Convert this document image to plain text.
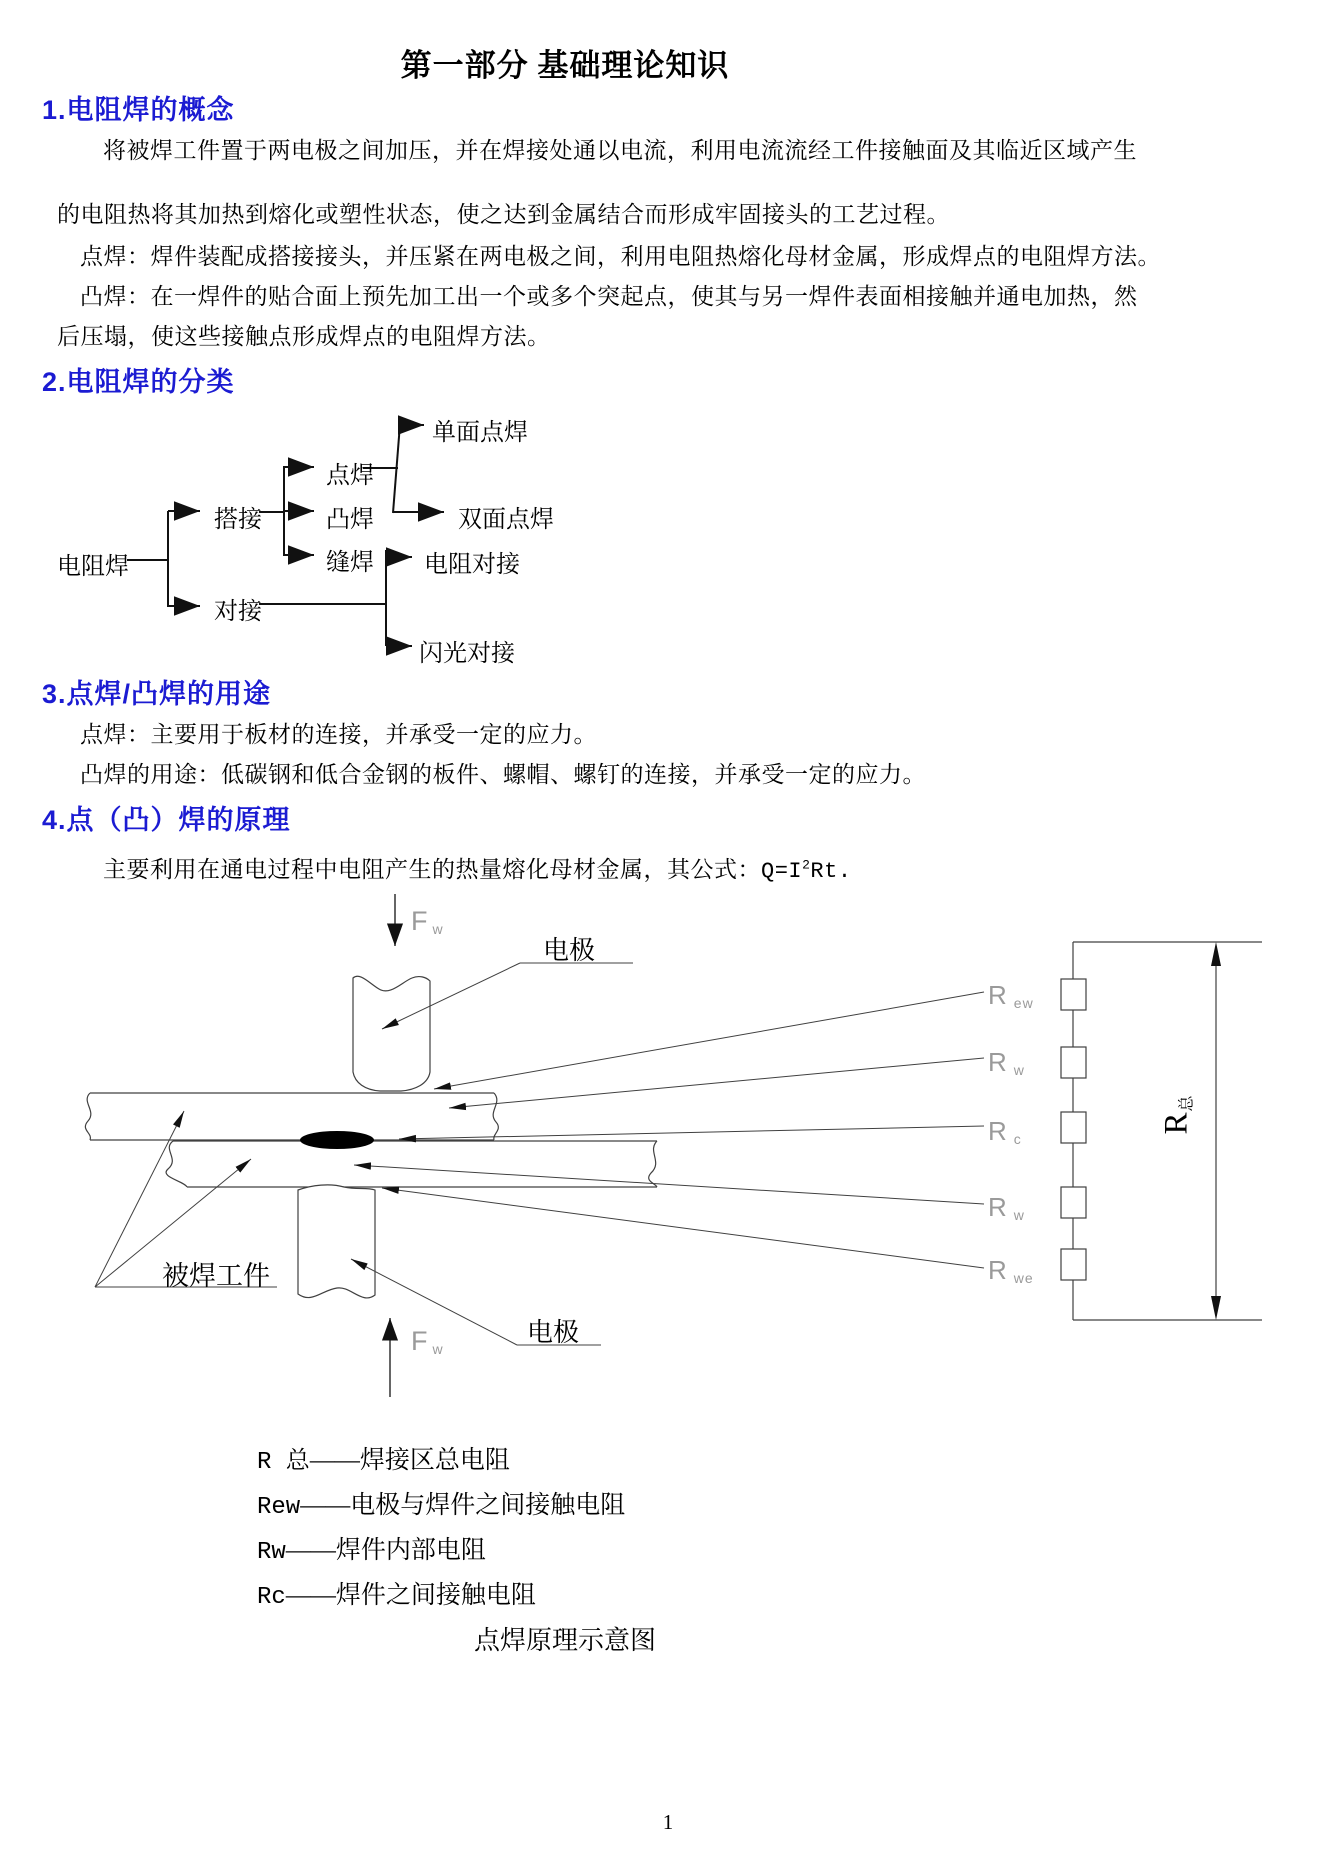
第一部分 基础理论知识
1.电阻焊的概念
将被焊工件置于两电极之间加压，并在焊接处通以电流，利用电流流经工件接触面及其临近区域产生
的电阻热将其加热到熔化或塑性状态，使之达到金属结合而形成牢固接头的工艺过程。
点焊：焊件装配成搭接接头，并压紧在两电极之间，利用电阻热熔化母材金属，形成焊点的电阻焊方法。
凸焊：在一焊件的贴合面上预先加工出一个或多个突起点，使其与另一焊件表面相接触并通电加热，然
后压塌，使这些接触点形成焊点的电阻焊方法。
2.电阻焊的分类
电阻焊
搭接
对接
点焊
凸焊
缝焊
单面点焊
双面点焊
电阻对接
闪光对接
3.点焊/凸焊的用途
点焊：主要用于板材的连接，并承受一定的应力。
凸焊的用途：低碳钢和低合金钢的板件、螺帽、螺钉的连接，并承受一定的应力。
4.点（凸）焊的原理
主要利用在通电过程中电阻产生的热量熔化母材金属，其公式：$Q=I^2Rt$.
Fw
电极
被焊工件
电极
Fw
Rew
Rw
Rc
Rw
Rwe
R总
R 总——焊接区总电阻
Rew——电极与焊件之间接触电阻
Rw——焊件内部电阻
Rc——焊件之间接触电阻
点焊原理示意图
1
